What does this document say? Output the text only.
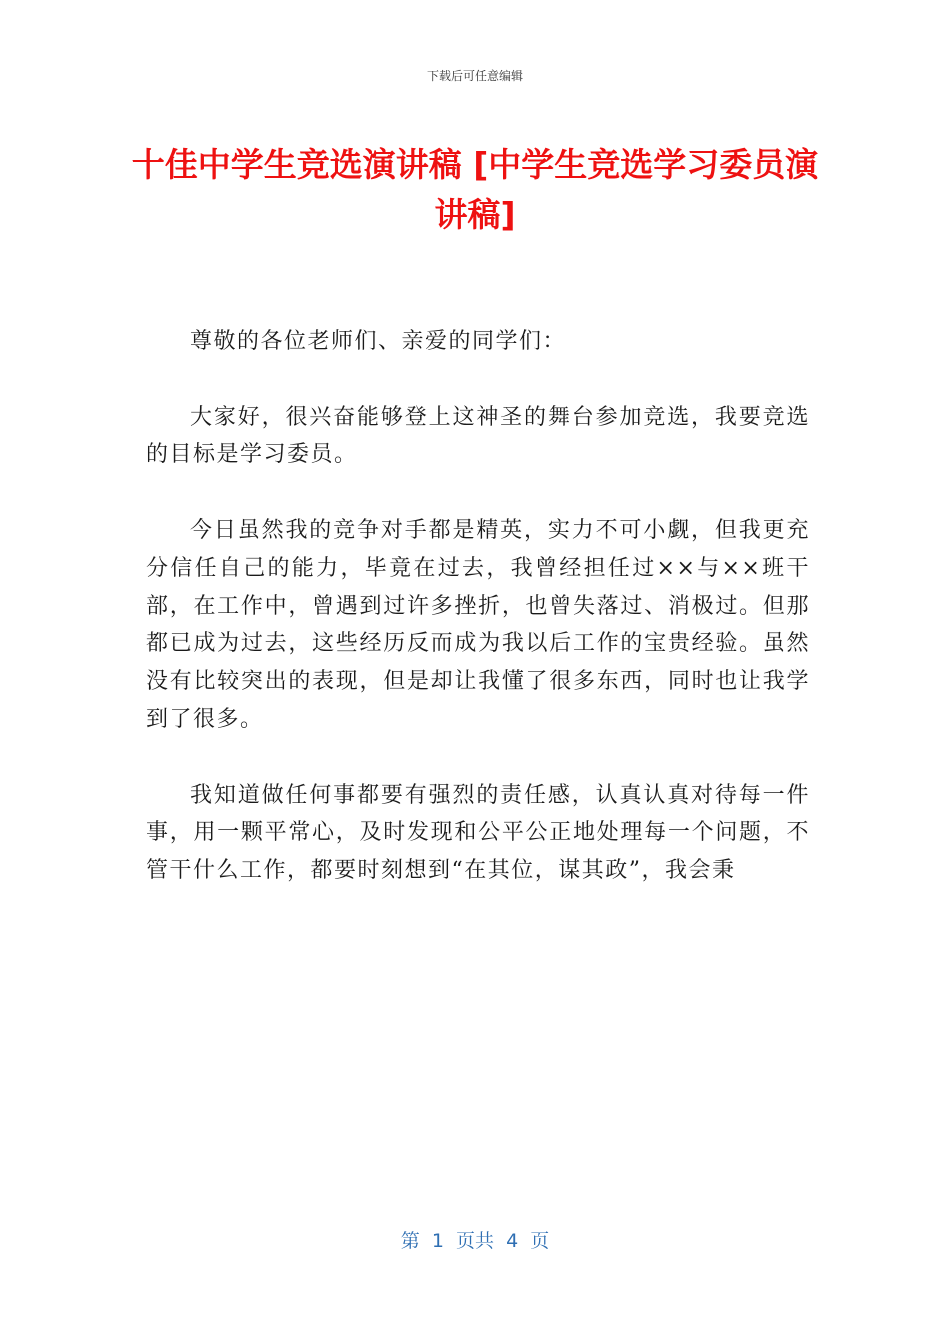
下载后可任意编辑
十佳中学生竞选演讲稿 [中学生竞选学习委员演讲稿]

尊敬的各位老师们、亲爱的同学们：

大家好，很兴奋能够登上这神圣的舞台参加竞选，我要竞选的目标是学习委员。

今日虽然我的竞争对手都是精英，实力不可小觑，但我更充分信任自己的能力，毕竟在过去，我曾经担任过××与××班干部，在工作中，曾遇到过许多挫折，也曾失落过、消极过。但那都已成为过去，这些经历反而成为我以后工作的宝贵经验。虽然没有比较突出的表现，但是却让我懂了很多东西，同时也让我学到了很多。

我知道做任何事都要有强烈的责任感，认真认真对待每一件事，用一颗平常心，及时发现和公平公正地处理每一个问题，不管干什么工作，都要时刻想到“在其位，谋其政”，我会秉

第  1  页共  4  页
